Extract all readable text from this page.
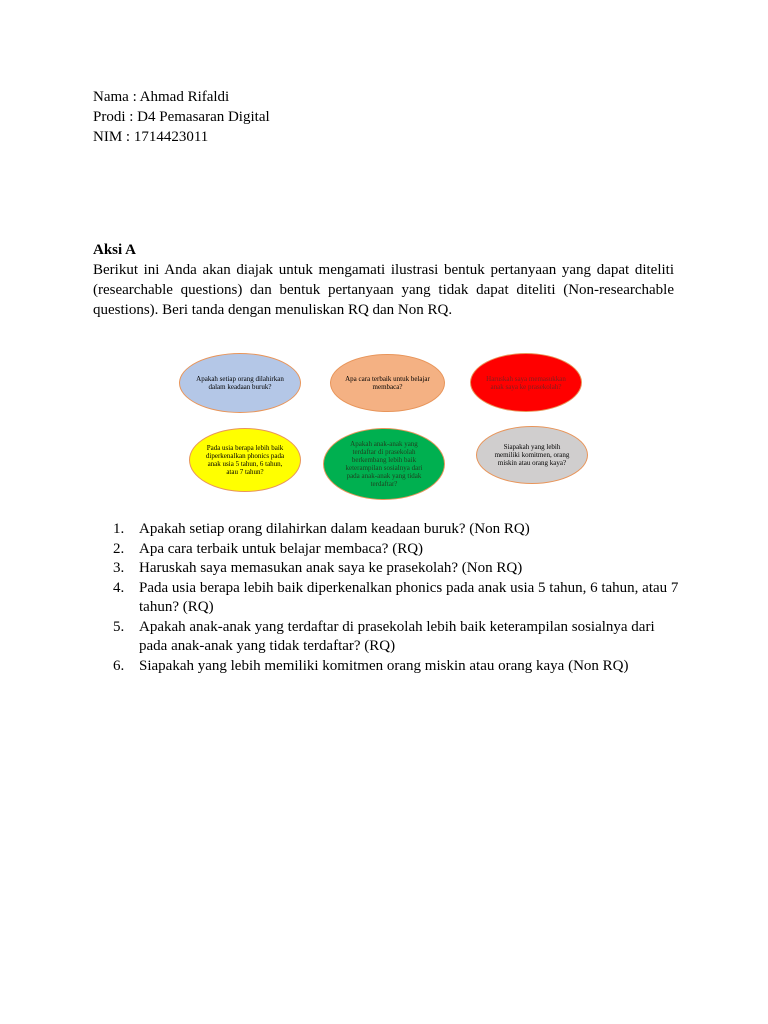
Nama : Ahmad Rifaldi
Prodi : D4 Pemasaran Digital
NIM : 1714423011
Aksi A

Berikut ini Anda akan diajak untuk mengamati ilustrasi bentuk pertanyaan yang dapat diteliti (researchable questions) dan bentuk pertanyaan yang tidak dapat diteliti (Non-researchable questions). Beri tanda dengan menuliskan RQ dan Non RQ.

Apakah setiap orang dilahirkan dalam keadaan buruk?
Apa cara terbaik untuk belajar membaca?
Haruskah saya memasukkan anak saya ke prasekolah?
Pada usia berapa lebih baik diperkenalkan phonics pada anak usia 5 tahun, 6 tahun, atau 7 tahun?
Apakah anak-anak yang terdaftar di prasekolah berkembang lebih baik keterampilan sosialnya dari pada anak-anak yang tidak terdaftar?
Siapakah yang lebih memiliki komitmen, orang miskin atau orang kaya?
1. Apakah setiap orang dilahirkan dalam keadaan buruk? (Non RQ)
2. Apa cara terbaik untuk belajar membaca? (RQ)
3. Haruskah saya memasukan anak saya ke prasekolah? (Non RQ)
4. Pada usia berapa lebih baik diperkenalkan phonics pada anak usia 5 tahun, 6 tahun, atau 7 tahun? (RQ)
5. Apakah anak-anak yang terdaftar di prasekolah lebih baik keterampilan sosialnya dari pada anak-anak yang tidak terdaftar? (RQ)
6. Siapakah yang lebih memiliki komitmen orang miskin atau orang kaya (Non RQ)
